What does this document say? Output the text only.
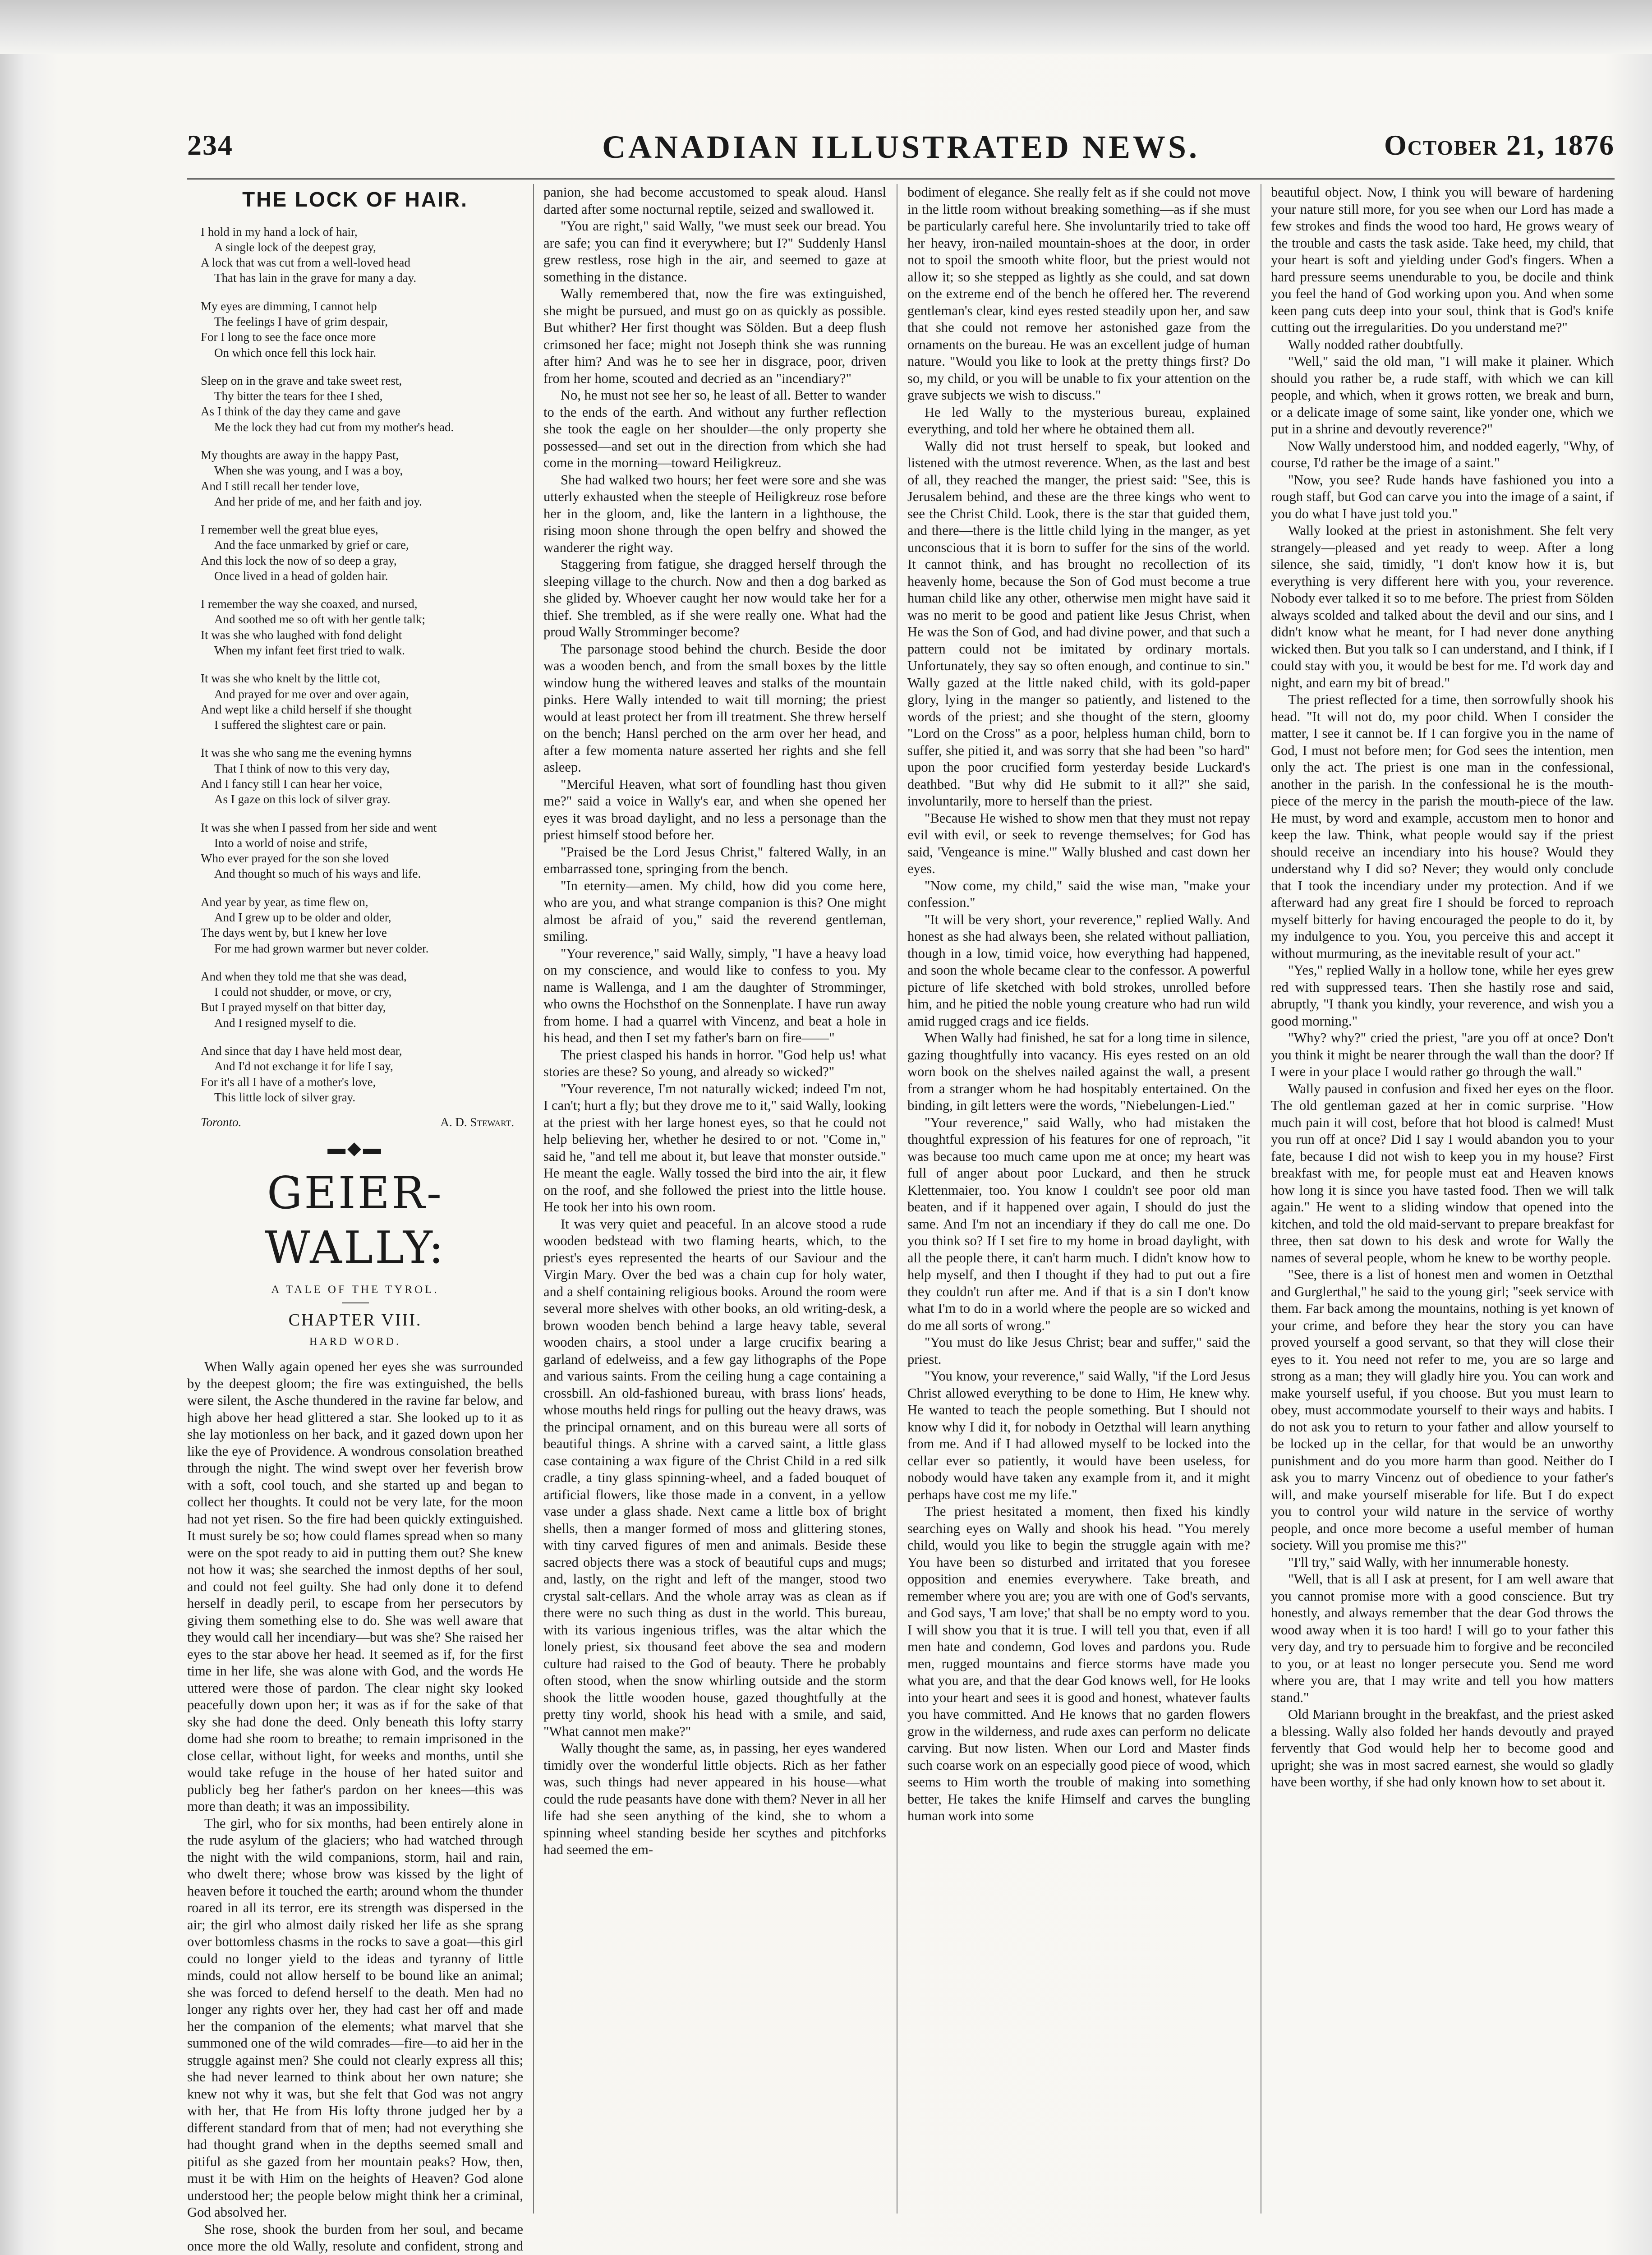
234	CANADIAN ILLUSTRATED NEWS.	October 21, 1876
THE LOCK OF HAIR.
I hold in my hand a lock of hair,
A single lock of the deepest gray,
A lock that was cut from a well-loved head
That has lain in the grave for many a day.
My eyes are dimming, I cannot help
The feelings I have of grim despair,
For I long to see the face once more
On which once fell this lock hair.
Sleep on in the grave and take sweet rest,
Thy bitter the tears for thee I shed,
As I think of the day they came and gave
Me the lock they had cut from my mother's head.
My thoughts are away in the happy Past,
When she was young, and I was a boy,
And I still recall her tender love,
And her pride of me, and her faith and joy.
I remember well the great blue eyes,
And the face unmarked by grief or care,
And this lock the now of so deep a gray,
Once lived in a head of golden hair.
I remember the way she coaxed, and nursed,
And soothed me so oft with her gentle talk;
It was she who laughed with fond delight
When my infant feet first tried to walk.
It was she who knelt by the little cot,
And prayed for me over and over again,
And wept like a child herself if she thought
I suffered the slightest care or pain.
It was she who sang me the evening hymns
That I think of now to this very day,
And I fancy still I can hear her voice,
As I gaze on this lock of silver gray.
It was she when I passed from her side and went
Into a world of noise and strife,
Who ever prayed for the son she loved
And thought so much of his ways and life.
And year by year, as time flew on,
And I grew up to be older and older,
The days went by, but I knew her love
For me had grown warmer but never colder.
And when they told me that she was dead,
I could not shudder, or move, or cry,
But I prayed myself on that bitter day,
And I resigned myself to die.
And since that day I have held most dear,
And I'd not exchange it for life I say,
For it's all I have of a mother's love,
This little lock of silver gray.
Toronto.	A. D. Stewart.
▬◆▬
GEIER-WALLY:
A TALE OF THE TYROL.
CHAPTER VIII.
HARD WORD.

When Wally again opened her eyes she was surrounded by the deepest gloom; the fire was extinguished, the bells were silent, the Asche thundered in the ravine far below, and high above her head glittered a star. She looked up to it as she lay motionless on her back, and it gazed down upon her like the eye of Providence. A wondrous consolation breathed through the night. The wind swept over her feverish brow with a soft, cool touch, and she started up and began to collect her thoughts. It could not be very late, for the moon had not yet risen. So the fire had been quickly extinguished. It must surely be so; how could flames spread when so many were on the spot ready to aid in putting them out? She knew not how it was; she searched the inmost depths of her soul, and could not feel guilty. She had only done it to defend herself in deadly peril, to escape from her persecutors by giving them something else to do. She was well aware that they would call her incendiary—but was she? She raised her eyes to the star above her head. It seemed as if, for the first time in her life, she was alone with God, and the words He uttered were those of pardon. The clear night sky looked peacefully down upon her; it was as if for the sake of that sky she had done the deed. Only beneath this lofty starry dome had she room to breathe; to remain imprisoned in the close cellar, without light, for weeks and months, until she would take refuge in the house of her hated suitor and publicly beg her father's pardon on her knees—this was more than death; it was an impossibility.

The girl, who for six months, had been entirely alone in the rude asylum of the glaciers; who had watched through the night with the wild companions, storm, hail and rain, who dwelt there; whose brow was kissed by the light of heaven before it touched the earth; around whom the thunder roared in all its terror, ere its strength was dispersed in the air; the girl who almost daily risked her life as she sprang over bottomless chasms in the rocks to save a goat—this girl could no longer yield to the ideas and tyranny of little minds, could not allow herself to be bound like an animal; she was forced to defend herself to the death. Men had no longer any rights over her, they had cast her off and made her the companion of the elements; what marvel that she summoned one of the wild comrades—fire—to aid her in the struggle against men? She could not clearly express all this; she had never learned to think about her own nature; she knew not why it was, but she felt that God was not angry with her, that He from His lofty throne judged her by a different standard from that of men; had not everything she had thought grand when in the depths seemed small and pitiful as she gazed from her mountain peaks? How, then, must it be with Him on the heights of Heaven? God alone understood her; the people below might think her a criminal, God absolved her.

She rose, shook the burden from her soul, and became once more the old Wally, resolute and confident, strong and

panion, she had become accustomed to speak aloud. Hansl darted after some nocturnal reptile, seized and swallowed it.

"You are right," said Wally, "we must seek our bread. You are safe; you can find it everywhere; but I?" Suddenly Hansl grew restless, rose high in the air, and seemed to gaze at something in the distance.

Wally remembered that, now the fire was extinguished, she might be pursued, and must go on as quickly as possible. But whither? Her first thought was Sölden. But a deep flush crimsoned her face; might not Joseph think she was running after him? And was he to see her in disgrace, poor, driven from her home, scouted and decried as an "incendiary?"

No, he must not see her so, he least of all. Better to wander to the ends of the earth. And without any further reflection she took the eagle on her shoulder—the only property she possessed—and set out in the direction from which she had come in the morning—toward Heiligkreuz.

She had walked two hours; her feet were sore and she was utterly exhausted when the steeple of Heiligkreuz rose before her in the gloom, and, like the lantern in a lighthouse, the rising moon shone through the open belfry and showed the wanderer the right way.

Staggering from fatigue, she dragged herself through the sleeping village to the church. Now and then a dog barked as she glided by. Whoever caught her now would take her for a thief. She trembled, as if she were really one. What had the proud Wally Stromminger become?

The parsonage stood behind the church. Beside the door was a wooden bench, and from the small boxes by the little window hung the withered leaves and stalks of the mountain pinks. Here Wally intended to wait till morning; the priest would at least protect her from ill treatment. She threw herself on the bench; Hansl perched on the arm over her head, and after a few momenta nature asserted her rights and she fell asleep.

"Merciful Heaven, what sort of foundling hast thou given me?" said a voice in Wally's ear, and when she opened her eyes it was broad daylight, and no less a personage than the priest himself stood before her.

"Praised be the Lord Jesus Christ," faltered Wally, in an embarrassed tone, springing from the bench.

"In eternity—amen. My child, how did you come here, who are you, and what strange companion is this? One might almost be afraid of you," said the reverend gentleman, smiling.

"Your reverence," said Wally, simply, "I have a heavy load on my conscience, and would like to confess to you. My name is Wallenga, and I am the daughter of Stromminger, who owns the Hochsthof on the Sonnenplate. I have run away from home. I had a quarrel with Vincenz, and beat a hole in his head, and then I set my father's barn on fire——"

The priest clasped his hands in horror. "God help us! what stories are these? So young, and already so wicked?"

"Your reverence, I'm not naturally wicked; indeed I'm not, I can't; hurt a fly; but they drove me to it," said Wally, looking at the priest with her large honest eyes, so that he could not help believing her, whether he desired to or not. "Come in," said he, "and tell me about it, but leave that monster outside." He meant the eagle. Wally tossed the bird into the air, it flew on the roof, and she followed the priest into the little house. He took her into his own room.

It was very quiet and peaceful. In an alcove stood a rude wooden bedstead with two flaming hearts, which, to the priest's eyes represented the hearts of our Saviour and the Virgin Mary. Over the bed was a chain cup for holy water, and a shelf containing religious books. Around the room were several more shelves with other books, an old writing-desk, a brown wooden bench behind a large heavy table, several wooden chairs, a stool under a large crucifix bearing a garland of edelweiss, and a few gay lithographs of the Pope and various saints. From the ceiling hung a cage containing a crossbill. An old-fashioned bureau, with brass lions' heads, whose mouths held rings for pulling out the heavy draws, was the principal ornament, and on this bureau were all sorts of beautiful things. A shrine with a carved saint, a little glass case containing a wax figure of the Christ Child in a red silk cradle, a tiny glass spinning-wheel, and a faded bouquet of artificial flowers, like those made in a convent, in a yellow vase under a glass shade. Next came a little box of bright shells, then a manger formed of moss and glittering stones, with tiny carved figures of men and animals. Beside these sacred objects there was a stock of beautiful cups and mugs; and, lastly, on the right and left of the manger, stood two crystal salt-cellars. And the whole array was as clean as if there were no such thing as dust in the world. This bureau, with its various ingenious trifles, was the altar which the lonely priest, six thousand feet above the sea and modern culture had raised to the God of beauty. There he probably often stood, when the snow whirling outside and the storm shook the little wooden house, gazed thoughtfully at the pretty tiny world, shook his head with a smile, and said, "What cannot men make?"

Wally thought the same, as, in passing, her eyes wandered timidly over the wonderful little objects. Rich as her father was, such things had never appeared in his house—what could the rude peasants have done with them? Never in all her life had she seen anything of the kind, she to whom a spinning wheel standing beside her scythes and pitchforks had seemed the em-

bodiment of elegance. She really felt as if she could not move in the little room without breaking something—as if she must be particularly careful here. She involuntarily tried to take off her heavy, iron-nailed mountain-shoes at the door, in order not to spoil the smooth white floor, but the priest would not allow it; so she stepped as lightly as she could, and sat down on the extreme end of the bench he offered her. The reverend gentleman's clear, kind eyes rested steadily upon her, and saw that she could not remove her astonished gaze from the ornaments on the bureau. He was an excellent judge of human nature. "Would you like to look at the pretty things first? Do so, my child, or you will be unable to fix your attention on the grave subjects we wish to discuss."

He led Wally to the mysterious bureau, explained everything, and told her where he obtained them all.

Wally did not trust herself to speak, but looked and listened with the utmost reverence. When, as the last and best of all, they reached the manger, the priest said: "See, this is Jerusalem behind, and these are the three kings who went to see the Christ Child. Look, there is the star that guided them, and there—there is the little child lying in the manger, as yet unconscious that it is born to suffer for the sins of the world. It cannot think, and has brought no recollection of its heavenly home, because the Son of God must become a true human child like any other, otherwise men might have said it was no merit to be good and patient like Jesus Christ, when He was the Son of God, and had divine power, and that such a pattern could not be imitated by ordinary mortals. Unfortunately, they say so often enough, and continue to sin." Wally gazed at the little naked child, with its gold-paper glory, lying in the manger so patiently, and listened to the words of the priest; and she thought of the stern, gloomy "Lord on the Cross" as a poor, helpless human child, born to suffer, she pitied it, and was sorry that she had been "so hard" upon the poor crucified form yesterday beside Luckard's deathbed. "But why did He submit to it all?" she said, involuntarily, more to herself than the priest.

"Because He wished to show men that they must not repay evil with evil, or seek to revenge themselves; for God has said, 'Vengeance is mine.'" Wally blushed and cast down her eyes.

"Now come, my child," said the wise man, "make your confession."

"It will be very short, your reverence," replied Wally. And honest as she had always been, she related without palliation, though in a low, timid voice, how everything had happened, and soon the whole became clear to the confessor. A powerful picture of life sketched with bold strokes, unrolled before him, and he pitied the noble young creature who had run wild amid rugged crags and ice fields.

When Wally had finished, he sat for a long time in silence, gazing thoughtfully into vacancy. His eyes rested on an old worn book on the shelves nailed against the wall, a present from a stranger whom he had hospitably entertained. On the binding, in gilt letters were the words, "Niebelungen-Lied."

"Your reverence," said Wally, who had mistaken the thoughtful expression of his features for one of reproach, "it was because too much came upon me at once; my heart was full of anger about poor Luckard, and then he struck Klettenmaier, too. You know I couldn't see poor old man beaten, and if it happened over again, I should do just the same. And I'm not an incendiary if they do call me one. Do you think so? If I set fire to my home in broad daylight, with all the people there, it can't harm much. I didn't know how to help myself, and then I thought if they had to put out a fire they couldn't run after me. And if that is a sin I don't know what I'm to do in a world where the people are so wicked and do me all sorts of wrong."

"You must do like Jesus Christ; bear and suffer," said the priest.

"You know, your reverence," said Wally, "if the Lord Jesus Christ allowed everything to be done to Him, He knew why. He wanted to teach the people something. But I should not know why I did it, for nobody in Oetzthal will learn anything from me. And if I had allowed myself to be locked into the cellar ever so patiently, it would have been useless, for nobody would have taken any example from it, and it might perhaps have cost me my life."

The priest hesitated a moment, then fixed his kindly searching eyes on Wally and shook his head. "You merely child, would you like to begin the struggle again with me? You have been so disturbed and irritated that you foresee opposition and enemies everywhere. Take breath, and remember where you are; you are with one of God's servants, and God says, 'I am love;' that shall be no empty word to you. I will show you that it is true. I will tell you that, even if all men hate and condemn, God loves and pardons you. Rude men, rugged mountains and fierce storms have made you what you are, and that the dear God knows well, for He looks into your heart and sees it is good and honest, whatever faults you have committed. And He knows that no garden flowers grow in the wilderness, and rude axes can perform no delicate carving. But now listen. When our Lord and Master finds such coarse work on an especially good piece of wood, which seems to Him worth the trouble of making into something better, He takes the knife Himself and carves the bungling human work into some

beautiful object. Now, I think you will beware of hardening your nature still more, for you see when our Lord has made a few strokes and finds the wood too hard, He grows weary of the trouble and casts the task aside. Take heed, my child, that your heart is soft and yielding under God's fingers. When a hard pressure seems unendurable to you, be docile and think you feel the hand of God working upon you. And when some keen pang cuts deep into your soul, think that is God's knife cutting out the irregularities. Do you understand me?"

Wally nodded rather doubtfully.

"Well," said the old man, "I will make it plainer. Which should you rather be, a rude staff, with which we can kill people, and which, when it grows rotten, we break and burn, or a delicate image of some saint, like yonder one, which we put in a shrine and devoutly reverence?"

Now Wally understood him, and nodded eagerly, "Why, of course, I'd rather be the image of a saint."

"Now, you see? Rude hands have fashioned you into a rough staff, but God can carve you into the image of a saint, if you do what I have just told you."

Wally looked at the priest in astonishment. She felt very strangely—pleased and yet ready to weep. After a long silence, she said, timidly, "I don't know how it is, but everything is very different here with you, your reverence. Nobody ever talked it so to me before. The priest from Sölden always scolded and talked about the devil and our sins, and I didn't know what he meant, for I had never done anything wicked then. But you talk so I can understand, and I think, if I could stay with you, it would be best for me. I'd work day and night, and earn my bit of bread."

The priest reflected for a time, then sorrowfully shook his head. "It will not do, my poor child. When I consider the matter, I see it cannot be. If I can forgive you in the name of God, I must not before men; for God sees the intention, men only the act. The priest is one man in the confessional, another in the parish. In the confessional he is the mouth-piece of the mercy in the parish the mouth-piece of the law. He must, by word and example, accustom men to honor and keep the law. Think, what people would say if the priest should receive an incendiary into his house? Would they understand why I did so? Never; they would only conclude that I took the incendiary under my protection. And if we afterward had any great fire I should be forced to reproach myself bitterly for having encouraged the people to do it, by my indulgence to you. You, you perceive this and accept it without murmuring, as the inevitable result of your act."

"Yes," replied Wally in a hollow tone, while her eyes grew red with suppressed tears. Then she hastily rose and said, abruptly, "I thank you kindly, your reverence, and wish you a good morning."

"Why? why?" cried the priest, "are you off at once? Don't you think it might be nearer through the wall than the door? If I were in your place I would rather go through the wall."

Wally paused in confusion and fixed her eyes on the floor. The old gentleman gazed at her in comic surprise. "How much pain it will cost, before that hot blood is calmed! Must you run off at once? Did I say I would abandon you to your fate, because I did not wish to keep you in my house? First breakfast with me, for people must eat and Heaven knows how long it is since you have tasted food. Then we will talk again." He went to a sliding window that opened into the kitchen, and told the old maid-servant to prepare breakfast for three, then sat down to his desk and wrote for Wally the names of several people, whom he knew to be worthy people.

"See, there is a list of honest men and women in Oetzthal and Gurglerthal," he said to the young girl; "seek service with them. Far back among the mountains, nothing is yet known of your crime, and before they hear the story you can have proved yourself a good servant, so that they will close their eyes to it. You need not refer to me, you are so large and strong as a man; they will gladly hire you. You can work and make yourself useful, if you choose. But you must learn to obey, must accommodate yourself to their ways and habits. I do not ask you to return to your father and allow yourself to be locked up in the cellar, for that would be an unworthy punishment and do you more harm than good. Neither do I ask you to marry Vincenz out of obedience to your father's will, and make yourself miserable for life. But I do expect you to control your wild nature in the service of worthy people, and once more become a useful member of human society. Will you promise me this?"

"I'll try," said Wally, with her innumerable honesty.

"Well, that is all I ask at present, for I am well aware that you cannot promise more with a good conscience. But try honestly, and always remember that the dear God throws the wood away when it is too hard! I will go to your father this very day, and try to persuade him to forgive and be reconciled to you, or at least no longer persecute you. Send me word where you are, that I may write and tell you how matters stand."

Old Mariann brought in the breakfast, and the priest asked a blessing. Wally also folded her hands devoutly and prayed fervently that God would help her to become good and upright; she was in most sacred earnest, she would so gladly have been worthy, if she had only known how to set about it.
